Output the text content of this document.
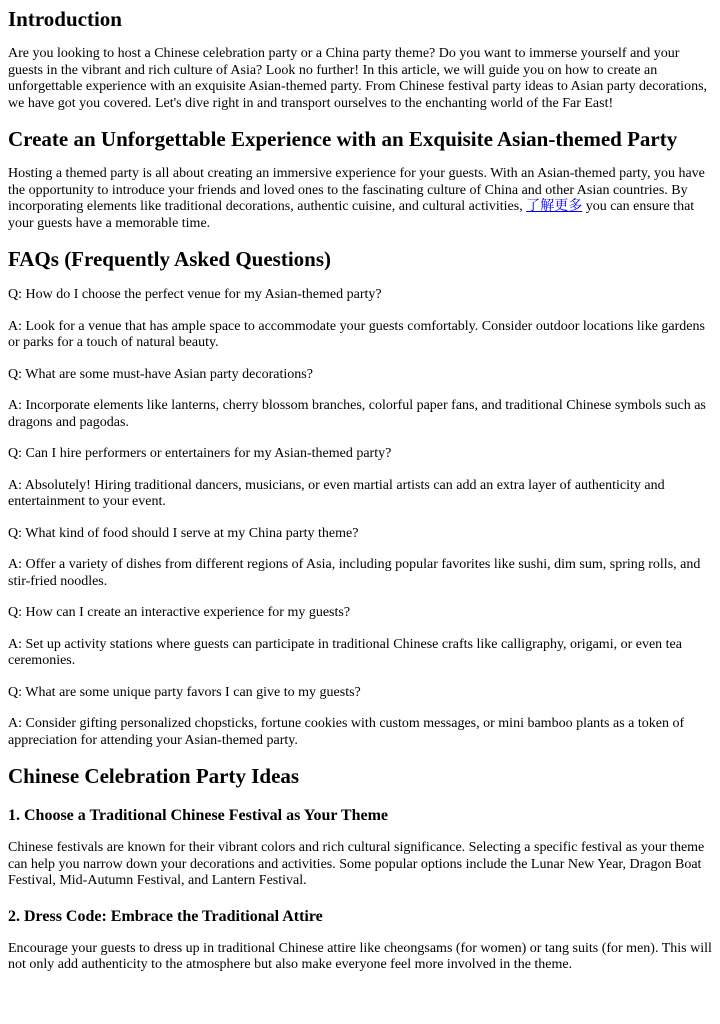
Introduction

Are you looking to host a Chinese celebration party or a China party theme? Do you want to immerse yourself and your guests in the vibrant and rich culture of Asia? Look no further! In this article, we will guide you on how to create an unforgettable experience with an exquisite Asian-themed party. From Chinese festival party ideas to Asian party decorations, we have got you covered. Let's dive right in and transport ourselves to the enchanting world of the Far East!

Create an Unforgettable Experience with an Exquisite Asian-themed Party

Hosting a themed party is all about creating an immersive experience for your guests. With an Asian-themed party, you have the opportunity to introduce your friends and loved ones to the fascinating culture of China and other Asian countries. By incorporating elements like traditional decorations, authentic cuisine, and cultural activities, 了解更多 you can ensure that your guests have a memorable time.

FAQs (Frequently Asked Questions)

Q: How do I choose the perfect venue for my Asian-themed party?

A: Look for a venue that has ample space to accommodate your guests comfortably. Consider outdoor locations like gardens or parks for a touch of natural beauty.

Q: What are some must-have Asian party decorations?

A: Incorporate elements like lanterns, cherry blossom branches, colorful paper fans, and traditional Chinese symbols such as dragons and pagodas.

Q: Can I hire performers or entertainers for my Asian-themed party?

A: Absolutely! Hiring traditional dancers, musicians, or even martial artists can add an extra layer of authenticity and entertainment to your event.

Q: What kind of food should I serve at my China party theme?

A: Offer a variety of dishes from different regions of Asia, including popular favorites like sushi, dim sum, spring rolls, and stir-fried noodles.

Q: How can I create an interactive experience for my guests?

A: Set up activity stations where guests can participate in traditional Chinese crafts like calligraphy, origami, or even tea ceremonies.

Q: What are some unique party favors I can give to my guests?

A: Consider gifting personalized chopsticks, fortune cookies with custom messages, or mini bamboo plants as a token of appreciation for attending your Asian-themed party.

Chinese Celebration Party Ideas
1. Choose a Traditional Chinese Festival as Your Theme

Chinese festivals are known for their vibrant colors and rich cultural significance. Selecting a specific festival as your theme can help you narrow down your decorations and activities. Some popular options include the Lunar New Year, Dragon Boat Festival, Mid-Autumn Festival, and Lantern Festival.

2. Dress Code: Embrace the Traditional Attire

Encourage your guests to dress up in traditional Chinese attire like cheongsams (for women) or tang suits (for men). This will not only add authenticity to the atmosphere but also make everyone feel more involved in the theme.
